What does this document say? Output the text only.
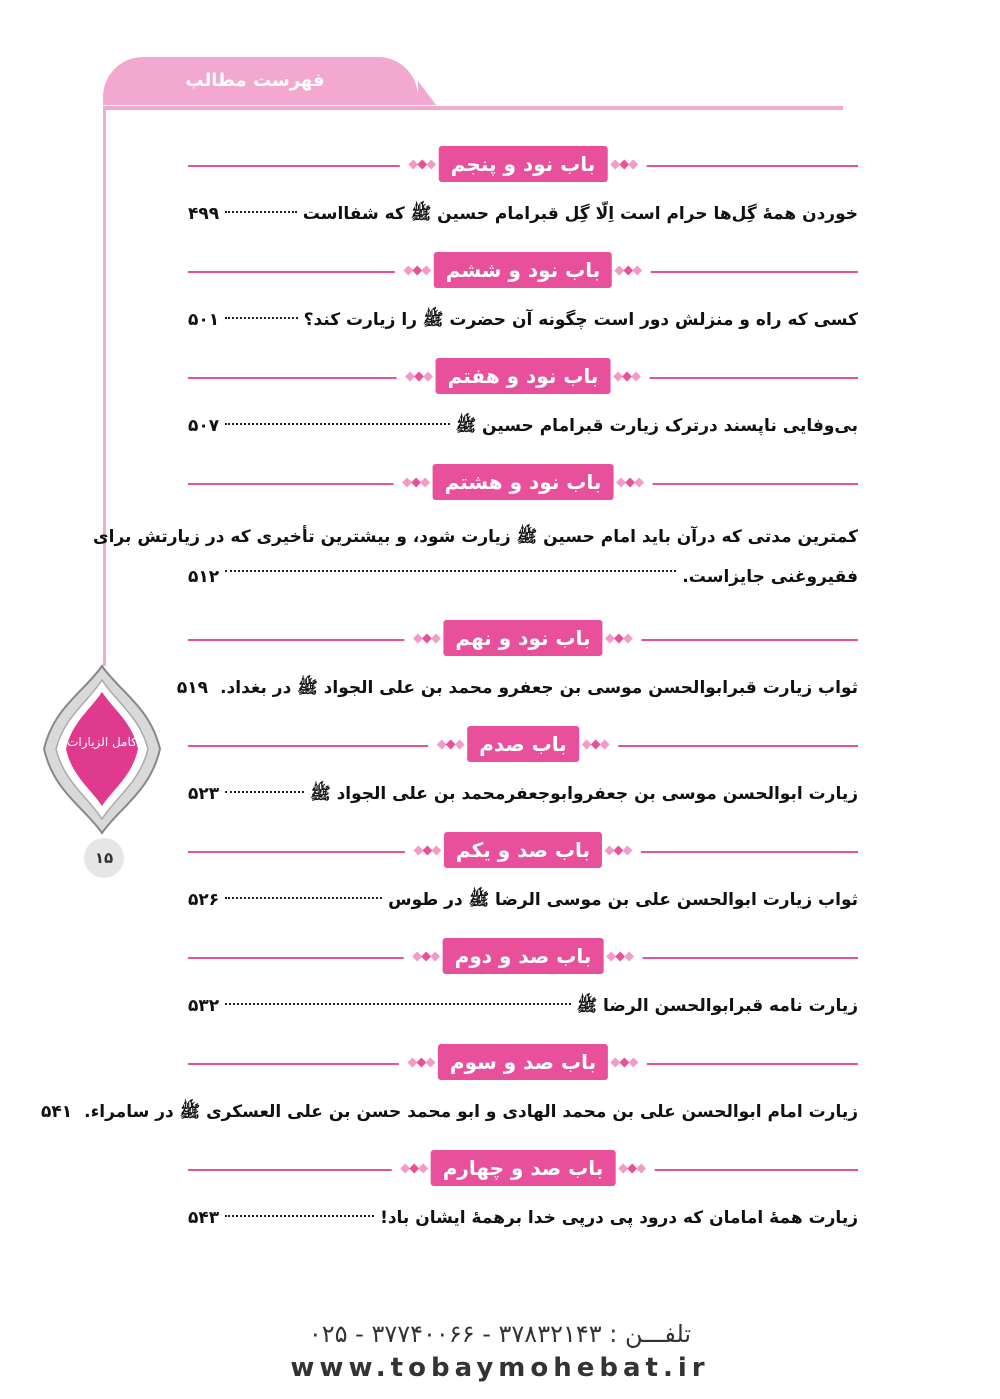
فهرست مطالب
کامل الزیارات
۱۵
باب نود و پنجم
خوردن همهٔ گِل‌ها حرام است اِلّا گِل قبرامام حسین ﷺ که شفااست
۴۹۹
باب نود و ششم
کسی که راه و منزلش دور است چگونه آن حضرت ﷺ را زیارت کند؟
۵۰۱
باب نود و هفتم
بی‌وفایی ناپسند درترک زیارت قبرامام حسین ﷺ
۵۰۷
باب نود و هشتم
کمترین مدتی که درآن باید امام حسین ﷺ زیارت شود، و بیشترین تأخیری که در زیارتش برای
فقیروغنی جایزاست.
۵۱۲
باب نود و نهم
ثواب زیارت قبرابوالحسن موسی بن جعفرو محمد بن علی الجواد ﷺ در بغداد.
۵۱۹
باب صدم
زیارت ابوالحسن موسی بن جعفروابوجعفرمحمد بن علی الجواد ﷺ
۵۲۳
باب صد و یکم
ثواب زیارت ابوالحسن علی بن موسی الرضا ﷺ در طوس
۵۲۶
باب صد و دوم
زیارت نامه قبرابوالحسن الرضا ﷺ
۵۳۲
باب صد و سوم
زیارت امام ابوالحسن علی بن محمد الهادی و ابو محمد حسن بن علی العسکری ﷺ در سامراء.
۵۴۱
باب صد و چهارم
زیارت همهٔ امامان که درود پی درپی خدا برهمهٔ ایشان باد!
۵۴۳
تلفـــن : ۳۷۸۳۲۱۴۳ - ۳۷۷۴۰۰۶۶ - ۰۲۵
www.tobaymohebat.ir
